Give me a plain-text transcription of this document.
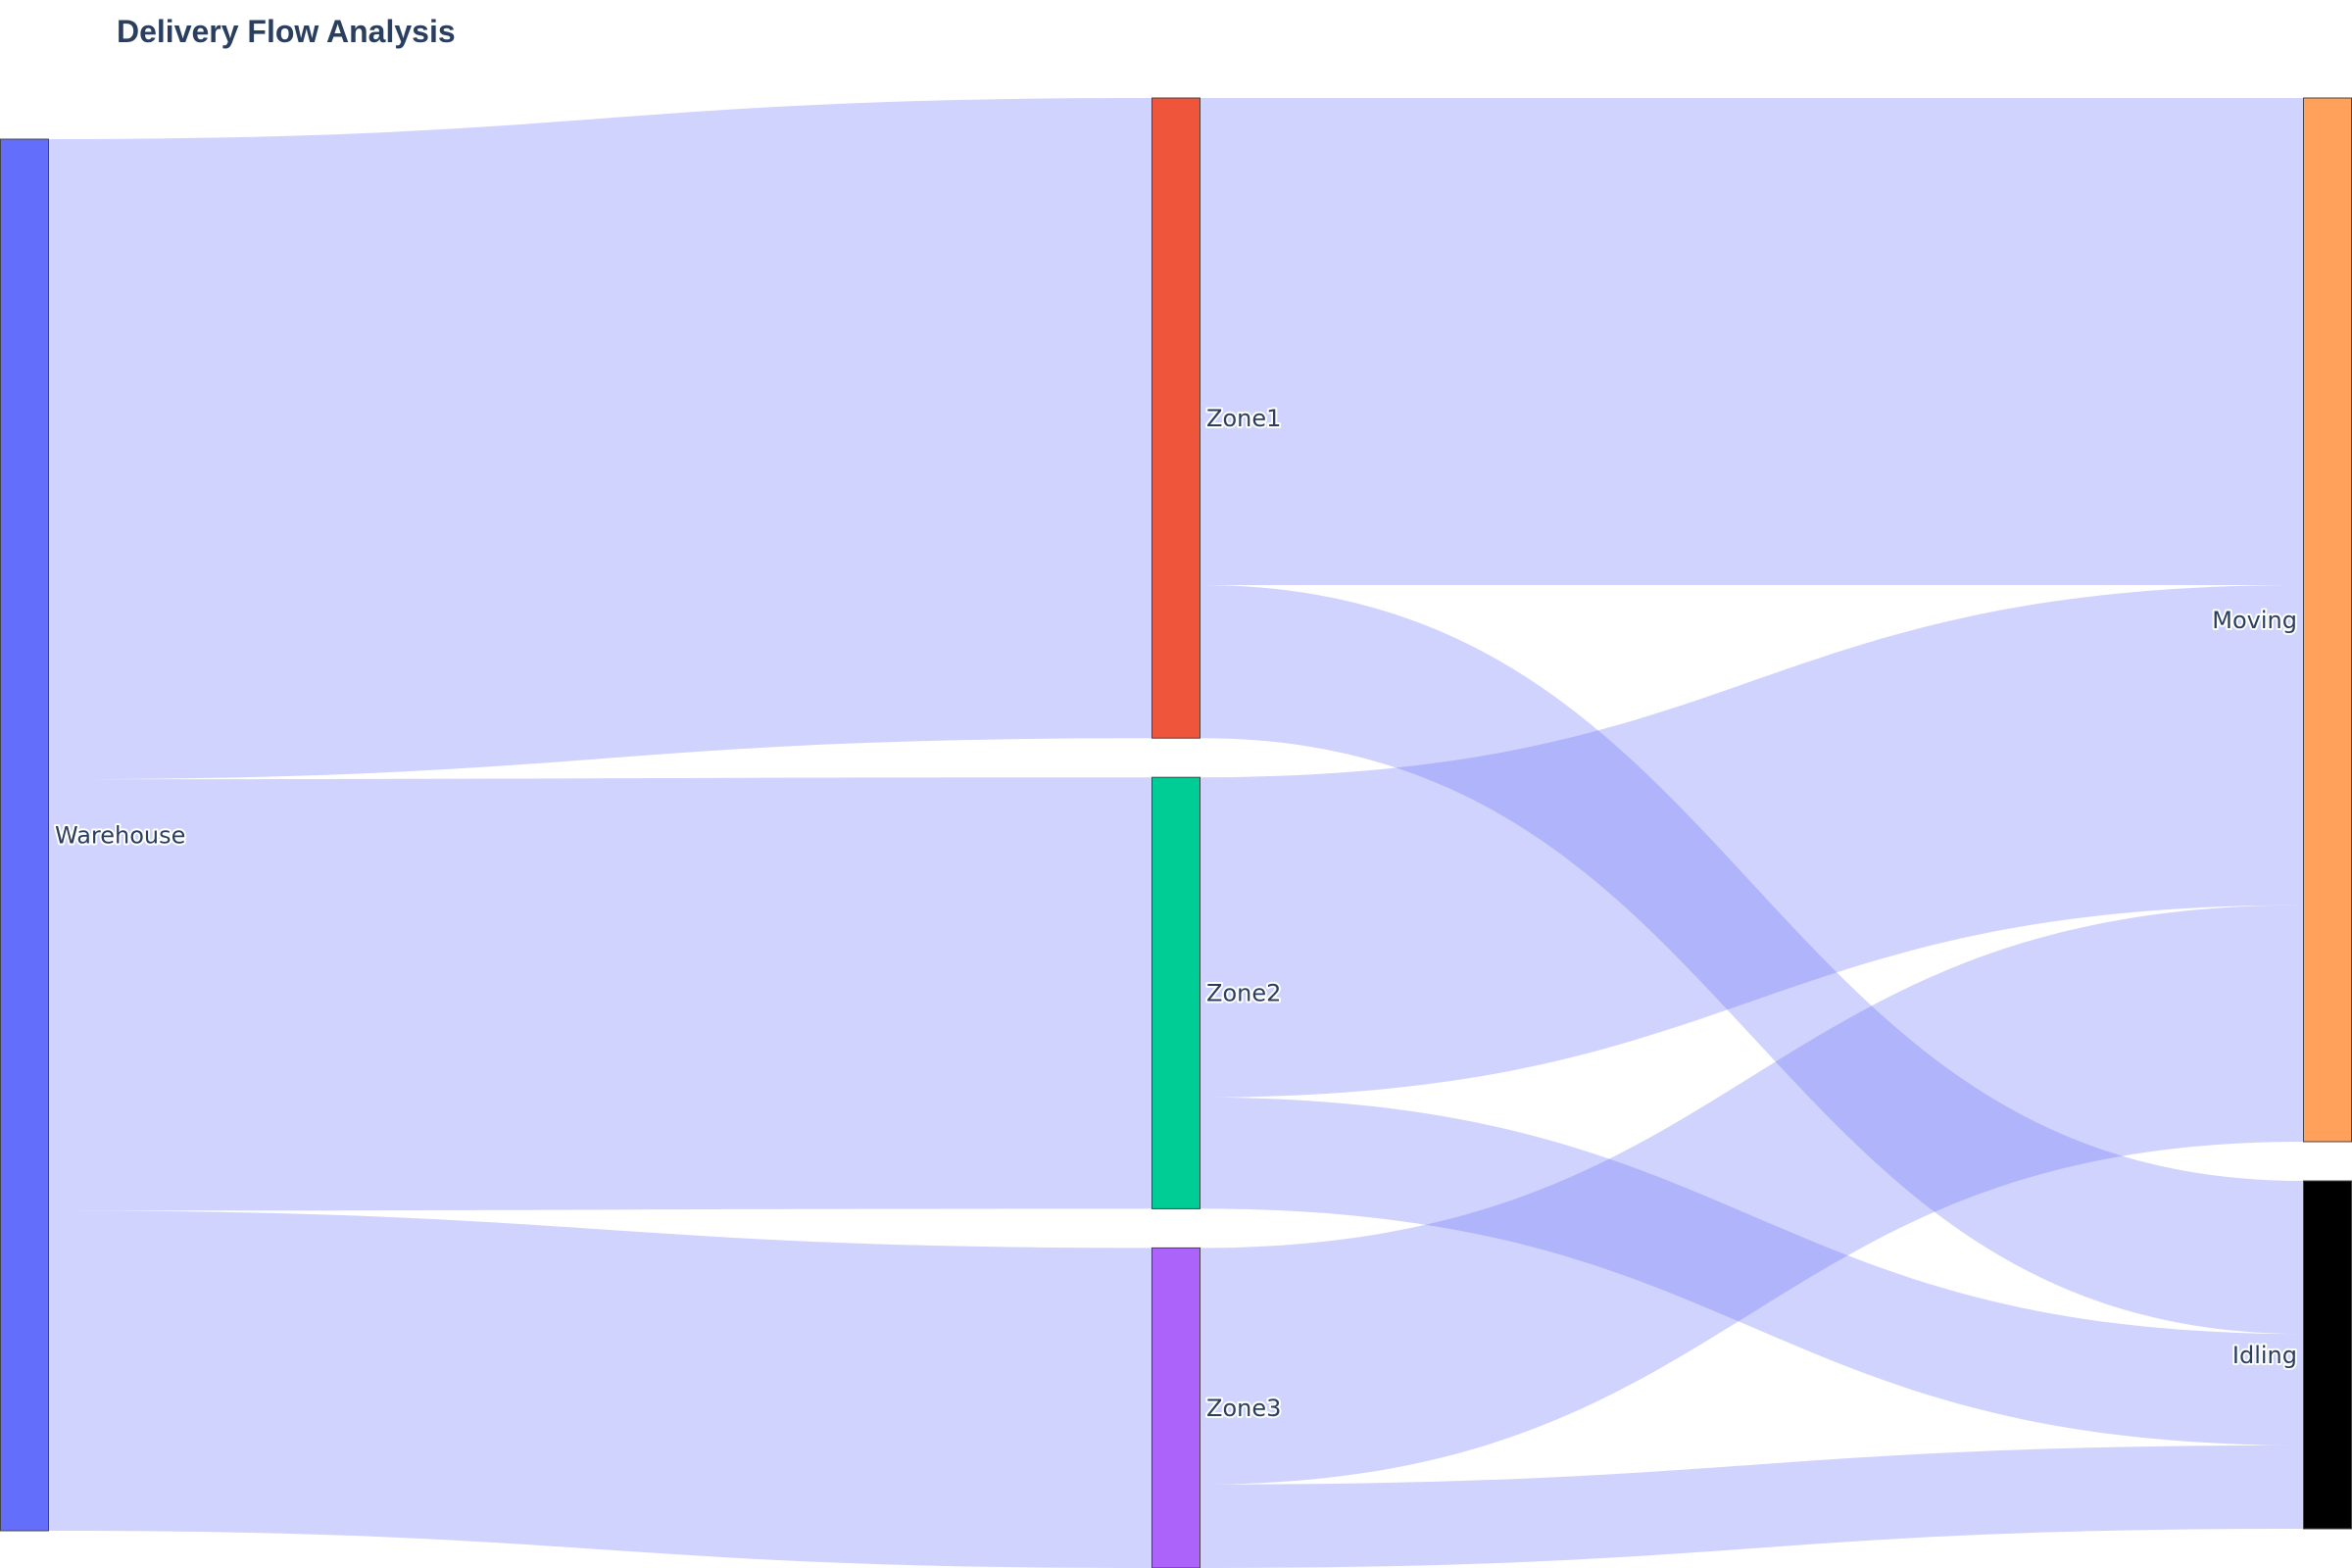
Delivery Flow Analysis
Warehouse
Zone1
Zone2
Zone3
Moving
Idling
